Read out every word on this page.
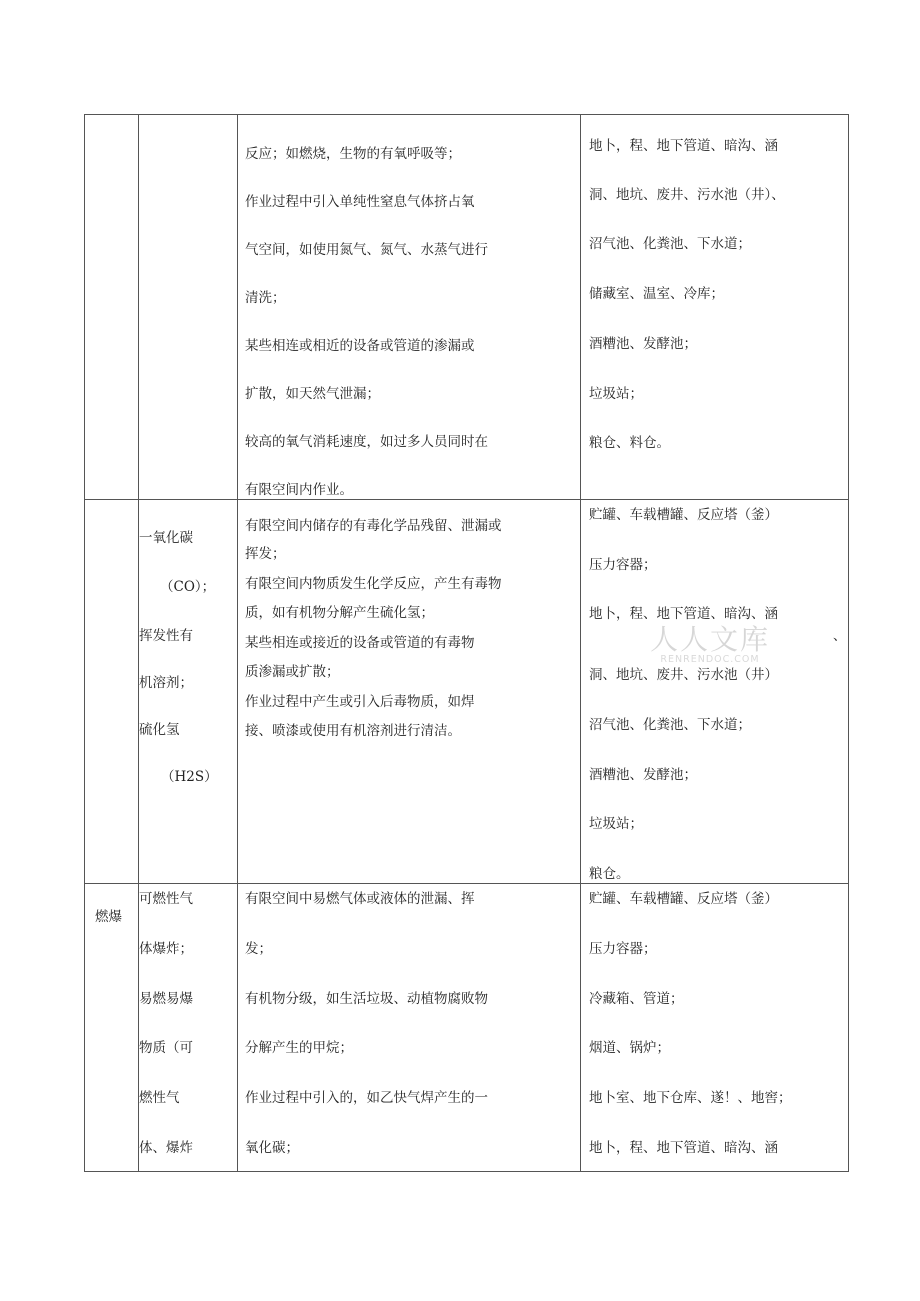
反应；如燃烧，生物的有氧呼吸等；
作业过程中引入单纯性窒息气体挤占氧
气空间，如使用氮气、氮气、水蒸气进行
清洗；
某些相连或相近的设备或管道的渗漏或
扩散，如天然气泄漏；
较高的氧气消耗速度，如过多人员同时在
有限空间内作业。
地卜，程、地下管道、暗沟、涵
洞、地坑、废井、污水池（井）、
沼气池、化粪池、下水道；
储藏室、温室、冷库；
酒糟池、发酵池；
垃圾站；
粮仓、料仓。
一氧化碳
（CO）；
挥发性有
机溶剂；
硫化氢
（H2S）
有限空间内储存的有毒化学品残留、泄漏或
挥发；
有限空间内物质发生化学反应，产生有毒物
质，如有机物分解产生硫化氢；
某些相连或接近的设备或管道的有毒物
质渗漏或扩散；
作业过程中产生或引入后毒物质，如焊
接、喷漆或使用有机溶剂进行清洁。
贮罐、车载槽罐、反应塔（釜）
压力容器；
地卜，程、地下管道、暗沟、涵
洞、地坑、废井、污水池（井）
沼气池、化粪池、下水道；
酒糟池、发酵池；
垃圾站；
粮仓。
、
人人文库
RENRENDOC.COM
燃爆
可燃性气
体爆炸；
易燃易爆
物质（可
燃性气
体、爆炸
有限空间中易燃气体或液体的泄漏、挥
发；
有机物分级，如生活垃圾、动植物腐败物
分解产生的甲烷；
作业过程中引入的，如乙快气焊产生的一
氧化碳；
贮罐、车载槽罐、反应塔（釜）
压力容器；
冷藏箱、管道；
烟道、锅炉；
地卜室、地下仓库、遂！、地窖；
地卜，程、地下管道、暗沟、涵
